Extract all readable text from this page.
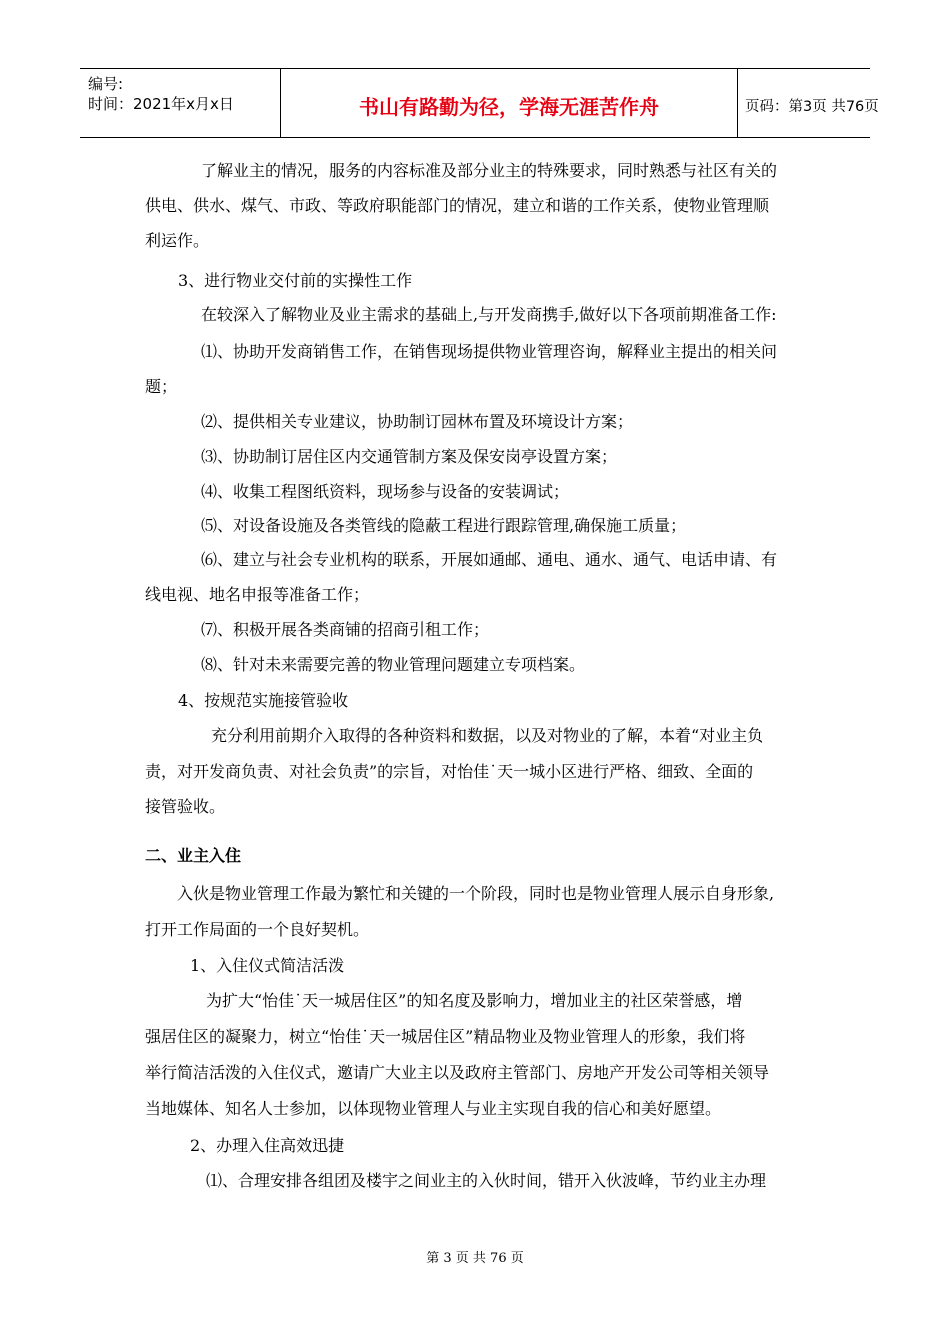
编号:
时间：2021年x月x日	书山有路勤为径，学海无涯苦作舟	页码：第3页 共76页
了解业主的情况，服务的内容标准及部分业主的特殊要求，同时熟悉与社区有关的
供电、供水、煤气、市政、等政府职能部门的情况，建立和谐的工作关系，使物业管理顺
利运作。
3、进行物业交付前的实操性工作
在较深入了解物业及业主需求的基础上,与开发商携手,做好以下各项前期准备工作:
⑴、协助开发商销售工作，在销售现场提供物业管理咨询，解释业主提出的相关问
题；
⑵、提供相关专业建议，协助制订园林布置及环境设计方案；
⑶、协助制订居住区内交通管制方案及保安岗亭设置方案；
⑷、收集工程图纸资料，现场参与设备的安装调试；
⑸、对设备设施及各类管线的隐蔽工程进行跟踪管理,确保施工质量；
⑹、建立与社会专业机构的联系，开展如通邮、通电、通水、通气、电话申请、有
线电视、地名申报等准备工作；
⑺、积极开展各类商铺的招商引租工作；
⑻、针对未来需要完善的物业管理问题建立专项档案。
4、按规范实施接管验收
充分利用前期介入取得的各种资料和数据，以及对物业的了解，本着“对业主负
责，对开发商负责、对社会负责”的宗旨，对怡佳˙天一城小区进行严格、细致、全面的
接管验收。
二、业主入住
入伙是物业管理工作最为繁忙和关键的一个阶段，同时也是物业管理人展示自身形象,
打开工作局面的一个良好契机。
1、入住仪式简洁活泼
为扩大“怡佳˙天一城居住区”的知名度及影响力，增加业主的社区荣誉感，增
强居住区的凝聚力，树立“怡佳˙天一城居住区”精品物业及物业管理人的形象，我们将
举行简洁活泼的入住仪式，邀请广大业主以及政府主管部门、房地产开发公司等相关领导
当地媒体、知名人士参加，以体现物业管理人与业主实现自我的信心和美好愿望。
2、办理入住高效迅捷
⑴、合理安排各组团及楼宇之间业主的入伙时间，错开入伙波峰，节约业主办理
第 3 页 共 76 页
